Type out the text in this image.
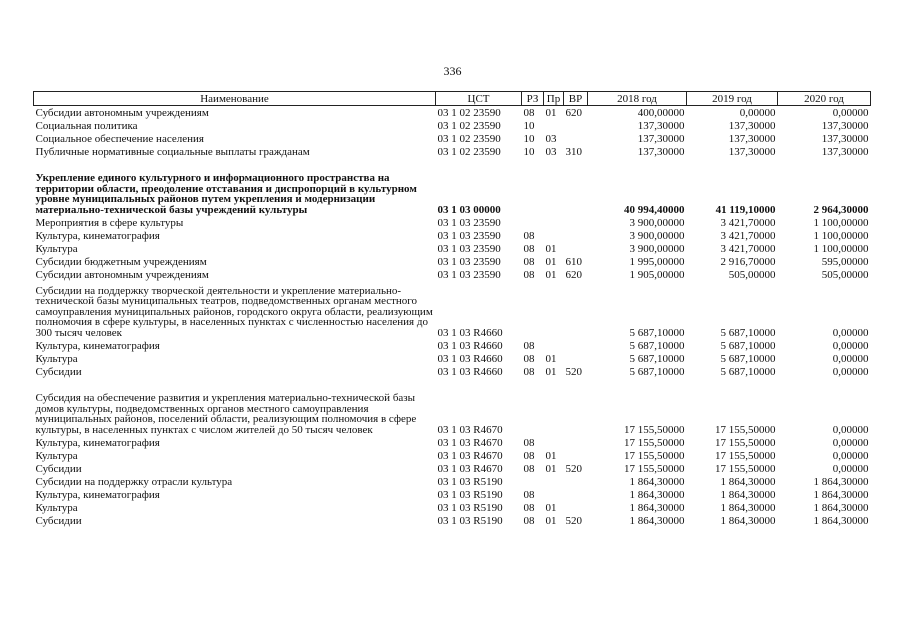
336
Наименование	ЦСТ	РЗ	Пр	ВР	2018 год	2019 год	2020 год
Субсидии автономным учреждениям	03 1 02 23590	08	01	620	400,00000	0,00000	0,00000
Социальная политика	03 1 02 23590	10			137,30000	137,30000	137,30000
Социальное обеспечение населения	03 1 02 23590	10	03		137,30000	137,30000	137,30000
Публичные нормативные социальные выплаты гражданам	03 1 02 23590	10	03	310	137,30000	137,30000	137,30000
Укрепление единого культурного и информационного пространства на территории области, преодоление отставания и диспропорций в культурном уровне муниципальных районов путем укрепления и модернизации материально-технической базы учреждений культуры	03 1 03 00000				40 994,40000	41 119,10000	2 964,30000
Мероприятия в сфере культуры	03 1 03 23590				3 900,00000	3 421,70000	1 100,00000
Культура, кинематография	03 1 03 23590	08			3 900,00000	3 421,70000	1 100,00000
Культура	03 1 03 23590	08	01		3 900,00000	3 421,70000	1 100,00000
Субсидии бюджетным учреждениям	03 1 03 23590	08	01	610	1 995,00000	2 916,70000	595,00000
Субсидии автономным учреждениям	03 1 03 23590	08	01	620	1 905,00000	505,00000	505,00000
Субсидии на поддержку творческой деятельности и укрепление материально-технической базы муниципальных театров, подведомственных органам местного самоуправления муниципальных районов, городского округа области, реализующим полномочия в сфере культуры, в населенных пунктах с численностью населения до 300 тысяч человек	03 1 03 R4660				5 687,10000	5 687,10000	0,00000
Культура, кинематография	03 1 03 R4660	08			5 687,10000	5 687,10000	0,00000
Культура	03 1 03 R4660	08	01		5 687,10000	5 687,10000	0,00000
Субсидии	03 1 03 R4660	08	01	520	5 687,10000	5 687,10000	0,00000
Субсидия на обеспечение развития и укрепления материально-технической базы домов культуры, подведомственных органов местного самоуправления муниципальных районов, поселений области, реализующим полномочия в сфере культуры, в населенных пунктах с числом жителей до 50 тысяч человек	03 1 03 R4670				17 155,50000	17 155,50000	0,00000
Культура, кинематография	03 1 03 R4670	08			17 155,50000	17 155,50000	0,00000
Культура	03 1 03 R4670	08	01		17 155,50000	17 155,50000	0,00000
Субсидии	03 1 03 R4670	08	01	520	17 155,50000	17 155,50000	0,00000
Субсидии на поддержку отрасли культура	03 1 03 R5190				1 864,30000	1 864,30000	1 864,30000
Культура, кинематография	03 1 03 R5190	08			1 864,30000	1 864,30000	1 864,30000
Культура	03 1 03 R5190	08	01		1 864,30000	1 864,30000	1 864,30000
Субсидии	03 1 03 R5190	08	01	520	1 864,30000	1 864,30000	1 864,30000
